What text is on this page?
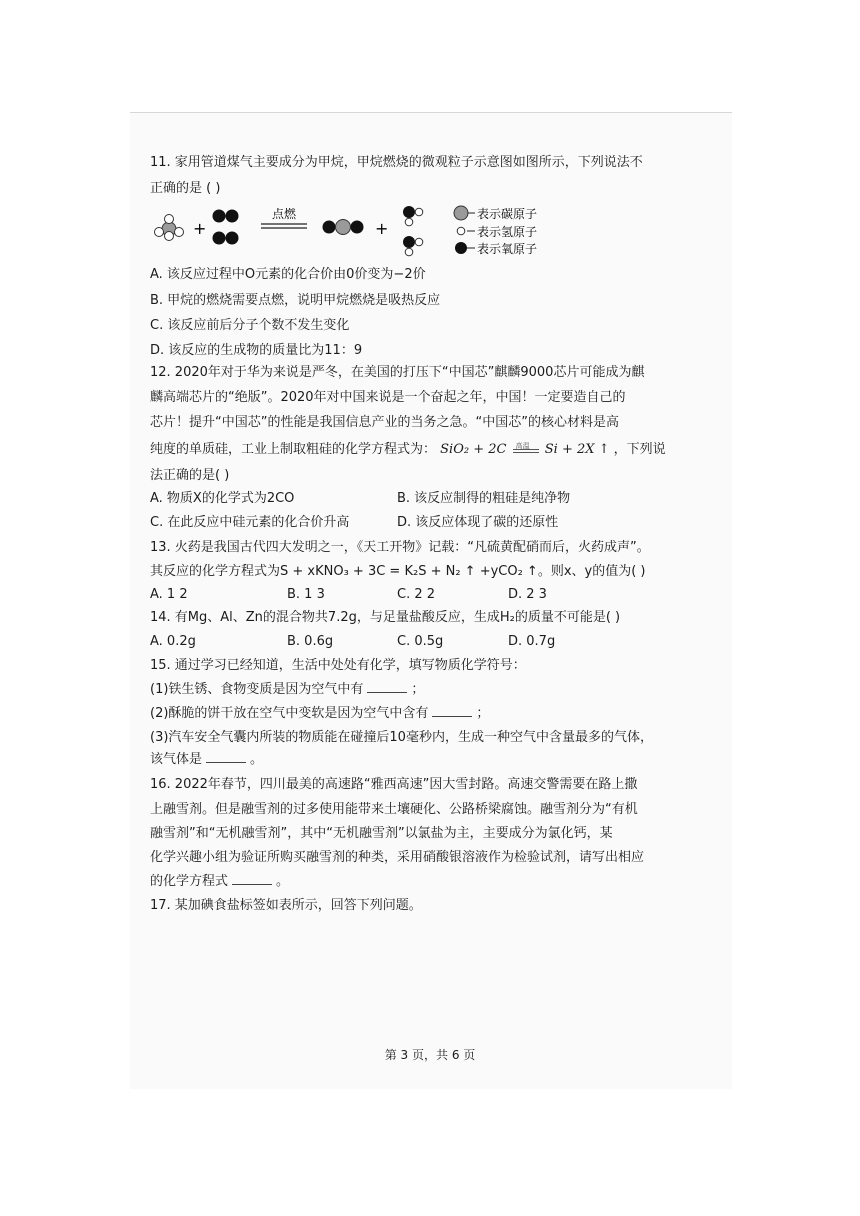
11. 家用管道煤气主要成分为甲烷，甲烷燃烧的微观粒子示意图如图所示，下列说法不
正确的是 ( )
+
点燃
+
表示碳原子
表示氢原子
表示氧原子
A. 该反应过程中O元素的化合价由0价变为−2价
B. 甲烷的燃烧需要点燃，说明甲烷燃烧是吸热反应
C. 该反应前后分子个数不发生变化
D. 该反应的生成物的质量比为11：9
12. 2020年对于华为来说是严冬，在美国的打压下“中国芯”麒麟9000芯片可能成为麒
麟高端芯片的“绝版”。2020年对中国来说是一个奋起之年，中国！一定要造自己的
芯片！提升“中国芯”的性能是我国信息产业的当务之急。“中国芯”的核心材料是高
纯度的单质硅，工业上制取粗硅的化学方程式为： SiO₂ + 2C 高温 Si + 2X ↑ ，下列说
法正确的是( )
A. 物质X的化学式为2CO	B. 该反应制得的粗硅是纯净物
C. 在此反应中硅元素的化合价升高	D. 该反应体现了碳的还原性
13. 火药是我国古代四大发明之一，《天工开物》记载：“凡硫黄配硝而后，火药成声”。
其反应的化学方程式为S + xKNO₃ + 3C = K₂S + N₂ ↑ +yCO₂ ↑。则x、y的值为( )
A. 1 2	B. 1 3	C. 2 2	D. 2 3
14. 有Mg、Al、Zn的混合物共7.2g，与足量盐酸反应，生成H₂的质量不可能是( )
A. 0.2g	B. 0.6g	C. 0.5g	D. 0.7g
15. 通过学习已经知道，生活中处处有化学，填写物质化学符号：
(1)铁生锈、食物变质是因为空气中有	；
(2)酥脆的饼干放在空气中变软是因为空气中含有	；
(3)汽车安全气囊内所装的物质能在碰撞后10毫秒内，生成一种空气中含量最多的气体，
该气体是	。
16. 2022年春节，四川最美的高速路“雅西高速”因大雪封路。高速交警需要在路上撒
上融雪剂。但是融雪剂的过多使用能带来土壤硬化、公路桥梁腐蚀。融雪剂分为“有机
融雪剂”和“无机融雪剂”，其中“无机融雪剂”以氯盐为主，主要成分为氯化钙，某
化学兴趣小组为验证所购买融雪剂的种类，采用硝酸银溶液作为检验试剂，请写出相应
的化学方程式	。
17. 某加碘食盐标签如表所示，回答下列问题。
第 3 页，共 6 页
